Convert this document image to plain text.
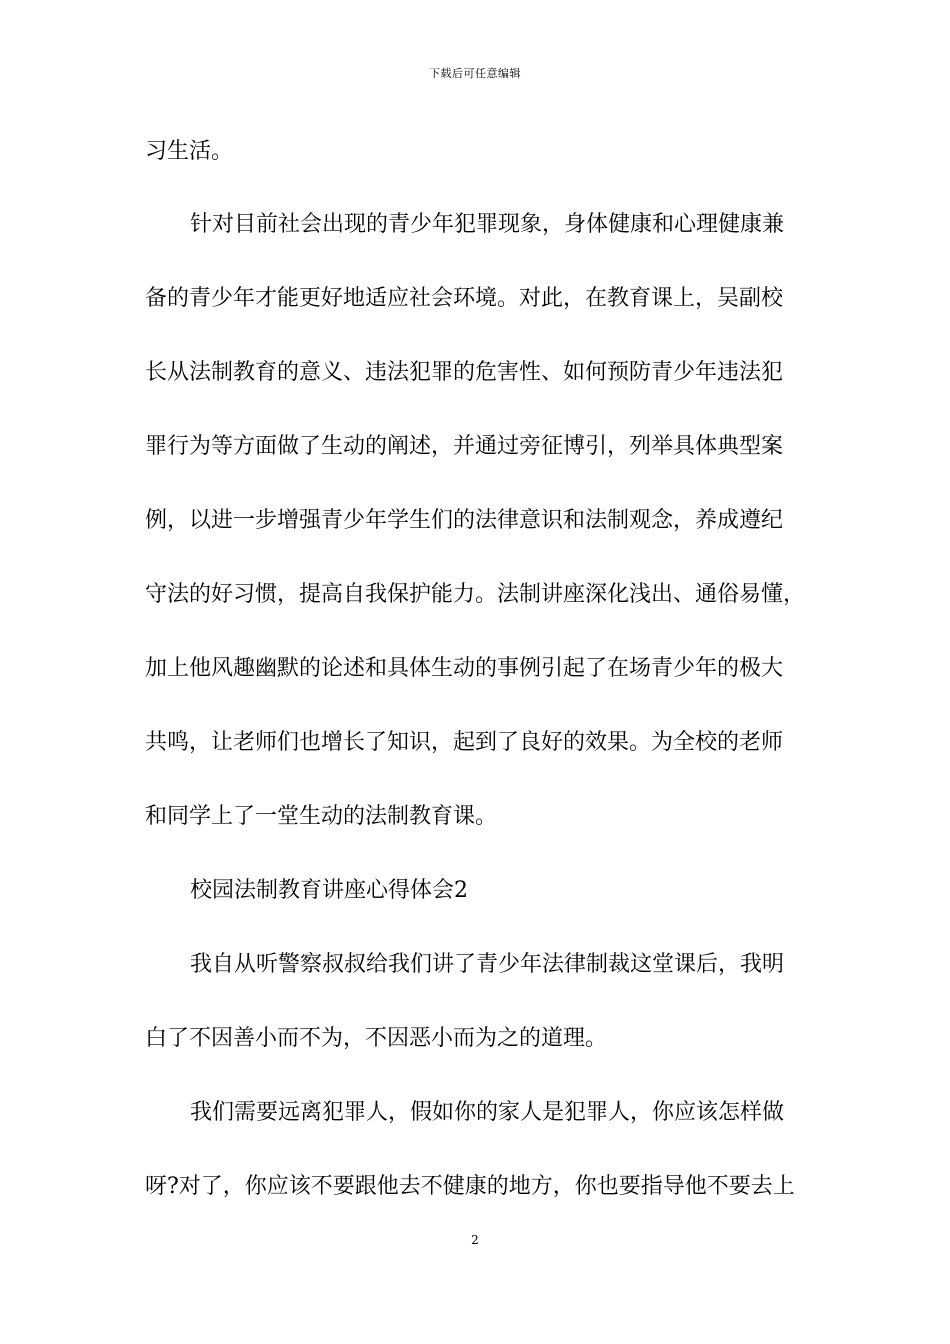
下载后可任意编辑
习生活。
针对目前社会出现的青少年犯罪现象，身体健康和心理健康兼
备的青少年才能更好地适应社会环境。对此，在教育课上，吴副校
长从法制教育的意义、违法犯罪的危害性、如何预防青少年违法犯
罪行为等方面做了生动的阐述，并通过旁征博引，列举具体典型案
例，以进一步增强青少年学生们的法律意识和法制观念，养成遵纪
守法的好习惯，提高自我保护能力。法制讲座深化浅出、通俗易懂，
加上他风趣幽默的论述和具体生动的事例引起了在场青少年的极大
共鸣，让老师们也增长了知识，起到了良好的效果。为全校的老师
和同学上了一堂生动的法制教育课。
校园法制教育讲座心得体会2
我自从听警察叔叔给我们讲了青少年法律制裁这堂课后，我明
白了不因善小而不为，不因恶小而为之的道理。
我们需要远离犯罪人，假如你的家人是犯罪人，你应该怎样做
呀?对了，你应该不要跟他去不健康的地方，你也要指导他不要去上
2
